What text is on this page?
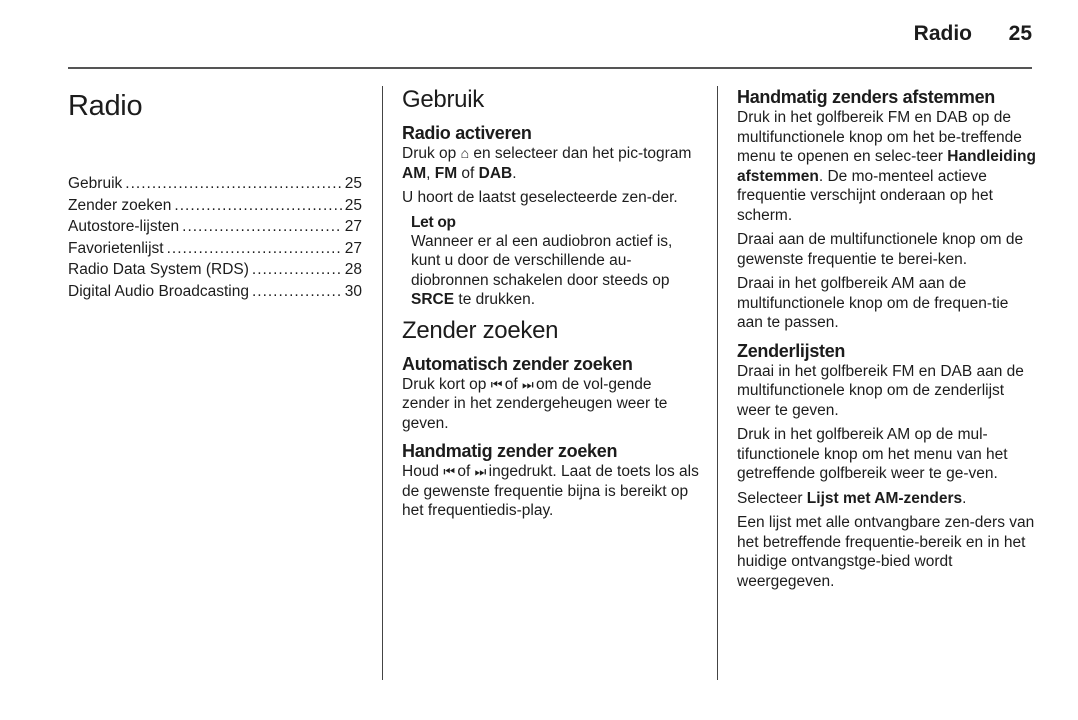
Radio	25
Radio
Gebruik .....	25
Zender zoeken .....	25
Autostore-lijsten .....	27
Favorietenlijst .....	27
Radio Data System (RDS) .....	28
Digital Audio Broadcasting .....	30
Gebruik
Radio activeren

Druk op ⌂ en selecteer dan het pic-togram AM, FM of DAB.

U hoort de laatst geselecteerde zen-der.

Let op

Wanneer er al een audiobron actief is, kunt u door de verschillende au-diobronnen schakelen door steeds op SRCE te drukken.

Zender zoeken
Automatisch zender zoeken

Druk kort op ⏮ of ⏭ om de vol-gende zender in het zendergeheugen weer te geven.

Handmatig zender zoeken

Houd ⏮ of ⏭ ingedrukt. Laat de toets los als de gewenste frequentie bijna is bereikt op het frequentiedis-play.

Handmatig zenders afstemmen

Druk in het golfbereik FM en DAB op de multifunctionele knop om het be-treffende menu te openen en selec-teer Handleiding afstemmen. De mo-menteel actieve frequentie verschijnt onderaan op het scherm.

Draai aan de multifunctionele knop om de gewenste frequentie te berei-ken.

Draai in het golfbereik AM aan de multifunctionele knop om de frequen-tie aan te passen.

Zenderlijsten

Draai in het golfbereik FM en DAB aan de multifunctionele knop om de zenderlijst weer te geven.

Druk in het golfbereik AM op de mul-tifunctionele knop om het menu van het getreffende golfbereik weer te ge-ven.

Selecteer Lijst met AM-zenders.

Een lijst met alle ontvangbare zen-ders van het betreffende frequentie-bereik en in het huidige ontvangstge-bied wordt weergegeven.
